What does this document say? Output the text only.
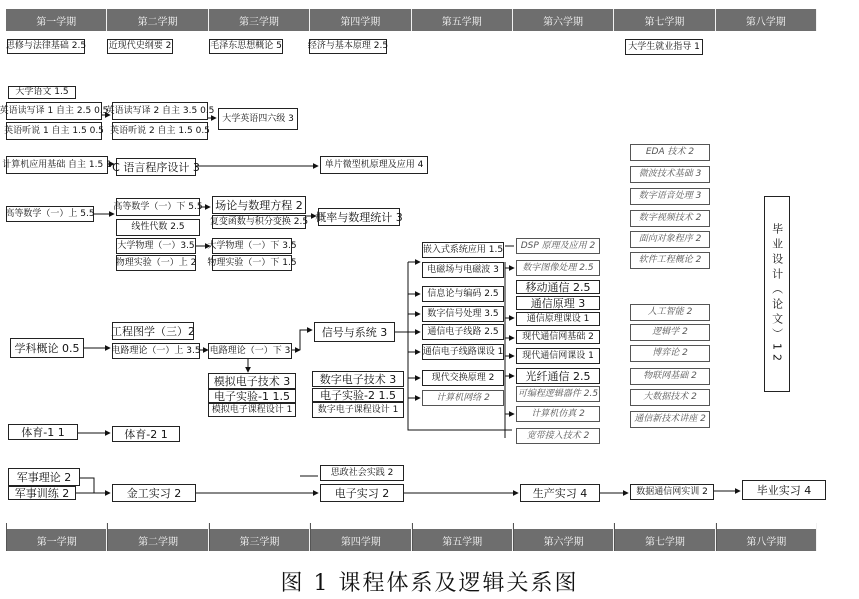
第一学期	第二学期	第三学期	第四学期	第五学期	第六学期	第七学期	第八学期
思修与法律基础 2.5	近现代史纲要 2	毛泽东思想概论 5	经济与基本原理 2.5	大学生就业指导 1
大学语文 1.5
英语读写译 1 自主 2.5 0.5
英语听说 1 自主 1.5 0.5
英语读写译 2 自主 3.5 0.5
英语听说 2 自主 1.5 0.5
大学英语四六级 3
计算机应用基础 自主 1.5 1 C 语言程序设计 3	单片微型机原理及应用 4
高等数学（一）上 5.5
高等数学（一）下 5.5
线性代数 2.5
场论与数理方程 2
复变函数与积分变换 2.5 概率与数理统计 3
大学物理（一）3.5
物理实验（一）上 2
大学物理（一）下 3.5
物理实验（一）下 1.5
学科概论 0.5
工程图学（三）2
电路理论（一）上 3.5 电路理论（一）下 3
模拟电子技术 3
电子实验-1 1.5
模拟电子课程设计 1
数字电子技术 3
电子实验-2 1.5
数字电子课程设计 1
信号与系统 3
嵌入式系统应用 1.5
电磁场与电磁波 3
信息论与编码 2.5
数字信号处理 3.5
通信电子线路 2.5
通信电子线路课设 1
现代交换原理 2
计算机网络 2
DSP 原理及应用 2
数字图像处理 2.5
移动通信 2.5
通信原理 3
通信原理课设 1
现代通信网基础 2
现代通信网课设 1
光纤通信 2.5
可编程逻辑器件 2.5
计算机仿真 2
宽带接入技术 2
EDA 技术 2
微波技术基础 3
数字语音处理 3
数字视频技术 2
面向对象程序 2
软件工程概论 2
人工智能 2
逻辑学 2
博弈论 2
物联网基础 2
大数据技术 2
通信新技术讲座 2
毕业设计（论文）12
体育-1 1	体育-2 1
军事理论 2
军事训练 2	金工实习 2
思政社会实践 2
电子实习 2	生产实习 4	数据通信网实训 2	毕业实习 4
第一学期	第二学期	第三学期	第四学期	第五学期	第六学期	第七学期	第八学期
图 1 课程体系及逻辑关系图
